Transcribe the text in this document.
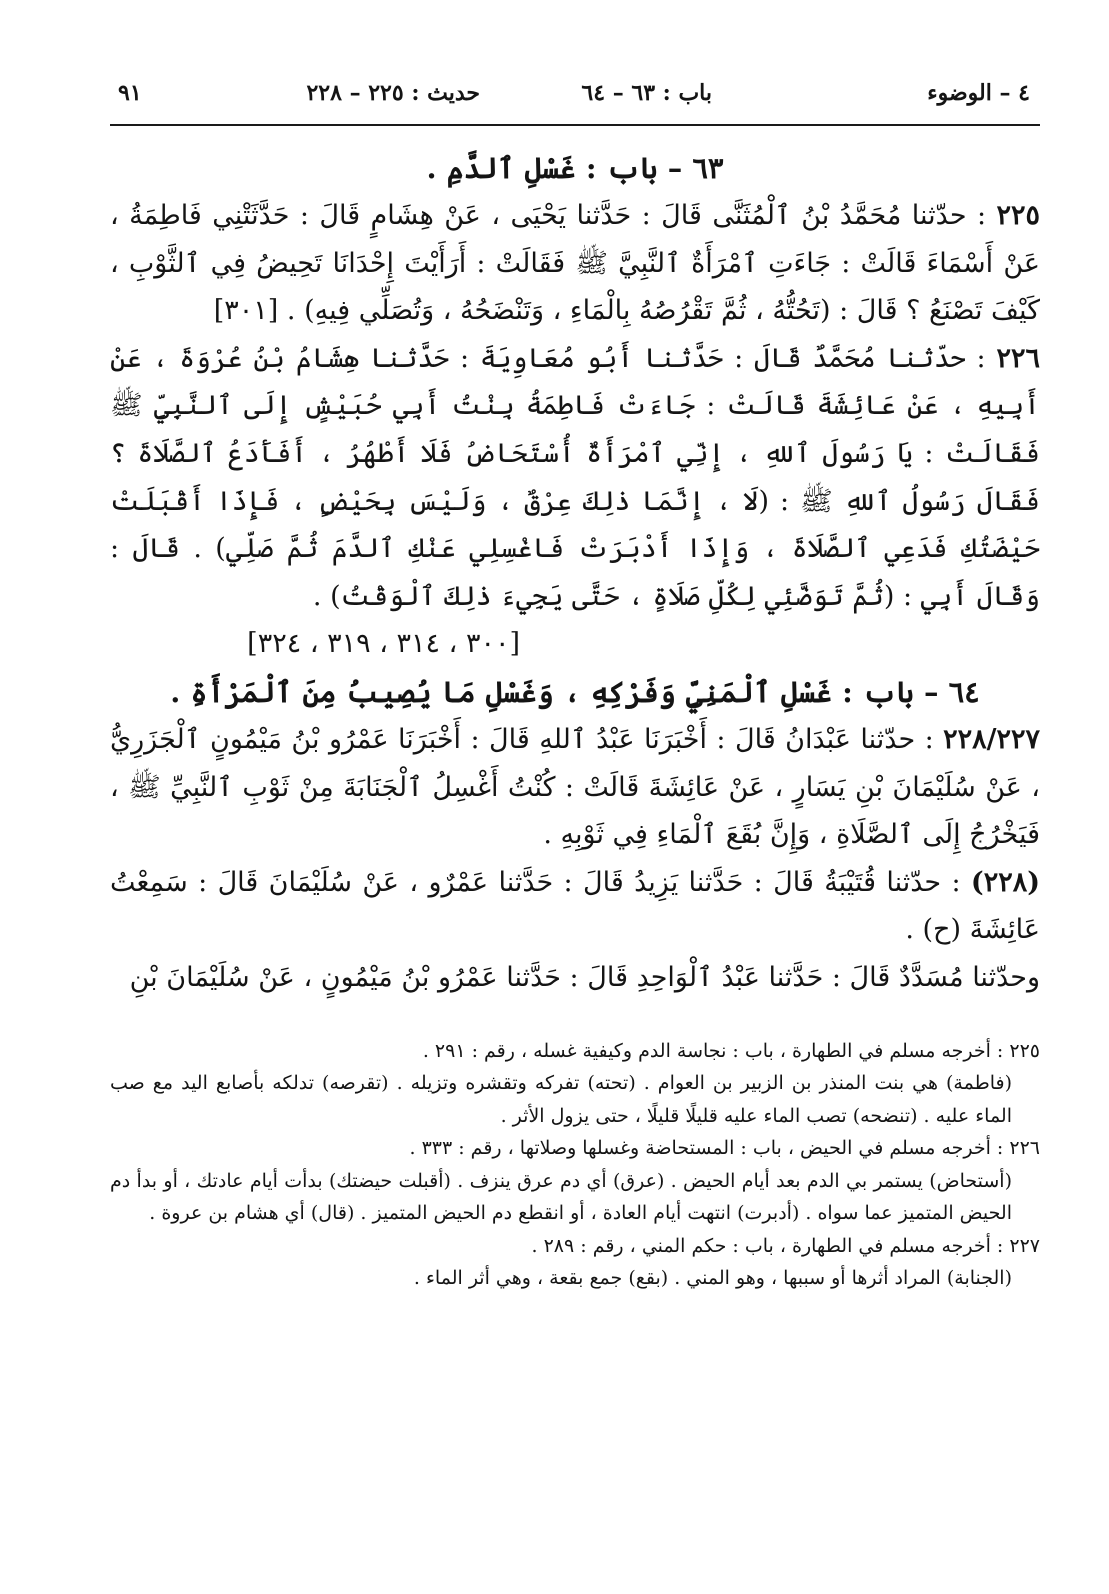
٤ – الوضوء
باب : ٦٣ – ٦٤
حديث : ٢٢٥ – ٢٢٨
٩١

٦٣ – باب : غَسْلِ ٱلدَّمِ .

٢٢٥ : حدّثنا مُحَمَّدُ بْنُ ٱلْمُثَنَّى قَالَ : حَدَّثنا يَحْيَى ، عَنْ هِشَامٍ قَالَ : حَدَّثَتْنِي فَاطِمَةُ ، عَنْ أَسْمَاءَ قَالَتْ : جَاءَتِ ٱمْرَأَةٌ ٱلنَّبِيَّ ﷺ فَقَالَتْ : أَرَأَيْتَ إِحْدَانَا تَحِيضُ فِي ٱلثَّوْبِ ، كَيْفَ تَصْنَعُ ؟ قَالَ : (تَحُتُّهُ ، ثُمَّ تَقْرُصُهُ بِالْمَاءِ ، وَتَنْضَحُهُ ، وَتُصَلِّي فِيهِ) . [٣٠١]

٢٢٦ : حدّثنا مُحَمَّدٌ قَالَ : حَدَّثنا أَبُو مُعَاوِيَةَ : حَدَّثنا هِشَامُ بْنُ عُرْوَةَ ، عَنْ أَبِيهِ ، عَنْ عَائِشَةَ قَالَتْ : جَاءَتْ فَاطِمَةُ بِنْتُ أَبِي حُبَيْشٍ إِلَى ٱلنَّبِيِّ ﷺ فَقَالَتْ : يَا رَسُولَ ٱللهِ ، إِنِّي ٱمْرَأَةٌ أُسْتَحَاضُ فَلَا أَطْهُرُ ، أَفَأَدَعُ ٱلصَّلَاةَ ؟ فَقَالَ رَسُولُ ٱللهِ ﷺ : (لَا ، إِنَّمَا ذٰلِكَ عِرْقٌ ، وَلَيْسَ بِحَيْضٍ ، فَإِذَا أَقْبَلَتْ حَيْضَتُكِ فَدَعِي ٱلصَّلَاةَ ، وَإِذَا أَدْبَرَتْ فَاغْسِلِي عَنْكِ ٱلدَّمَ ثُمَّ صَلِّي) . قَالَ : وَقَالَ أَبِي : (ثُمَّ تَوَضَّئِي لِكُلِّ صَلَاةٍ ، حَتَّى يَجِيءَ ذٰلِكَ ٱلْوَقْتُ) .

[٣٠٠ ، ٣١٤ ، ٣١٩ ، ٣٢٤]

٦٤ – باب : غَسْلِ ٱلْمَنِيِّ وَفَرْكِهِ ، وَغَسْلِ مَا يُصِيبُ مِنَ ٱلْمَرْأَةِ .

٢٢٨/٢٢٧ : حدّثنا عَبْدَانُ قَالَ : أَخْبَرَنَا عَبْدُ ٱللهِ قَالَ : أَخْبَرَنَا عَمْرُو بْنُ مَيْمُونٍ ٱلْجَزَرِيُّ ، عَنْ سُلَيْمَانَ بْنِ يَسَارٍ ، عَنْ عَائِشَةَ قَالَتْ : كُنْتُ أَغْسِلُ ٱلْجَنَابَةَ مِنْ ثَوْبِ ٱلنَّبِيِّ ﷺ ، فَيَخْرُجُ إِلَى ٱلصَّلَاةِ ، وَإِنَّ بُقَعَ ٱلْمَاءِ فِي ثَوْبِهِ .

(٢٢٨) : حدّثنا قُتَيْبَةُ قَالَ : حَدَّثنا يَزِيدُ قَالَ : حَدَّثنا عَمْرٌو ، عَنْ سُلَيْمَانَ قَالَ : سَمِعْتُ عَائِشَةَ (ح) .

وحدّثنا مُسَدَّدٌ قَالَ : حَدَّثنا عَبْدُ ٱلْوَاحِدِ قَالَ : حَدَّثنا عَمْرُو بْنُ مَيْمُونٍ ، عَنْ سُلَيْمَانَ بْنِ

٢٢٥ : أخرجه مسلم في الطهارة ، باب : نجاسة الدم وكيفية غسله ، رقم : ٢٩١ .

(فاطمة) هي بنت المنذر بن الزبير بن العوام . (تحته) تفركه وتقشره وتزيله . (تقرصه) تدلكه بأصابع اليد مع صب الماء عليه . (تنضحه) تصب الماء عليه قليلًا قليلًا ، حتى يزول الأثر .

٢٢٦ : أخرجه مسلم في الحيض ، باب : المستحاضة وغسلها وصلاتها ، رقم : ٣٣٣ .

(أستحاض) يستمر بي الدم بعد أيام الحيض . (عرق) أي دم عرق ينزف . (أقبلت حيضتك) بدأت أيام عادتك ، أو بدأ دم الحيض المتميز عما سواه . (أدبرت) انتهت أيام العادة ، أو انقطع دم الحيض المتميز . (قال) أي هشام بن عروة .

٢٢٧ : أخرجه مسلم في الطهارة ، باب : حكم المني ، رقم : ٢٨٩ .

(الجنابة) المراد أثرها أو سببها ، وهو المني . (بقع) جمع بقعة ، وهي أثر الماء .
